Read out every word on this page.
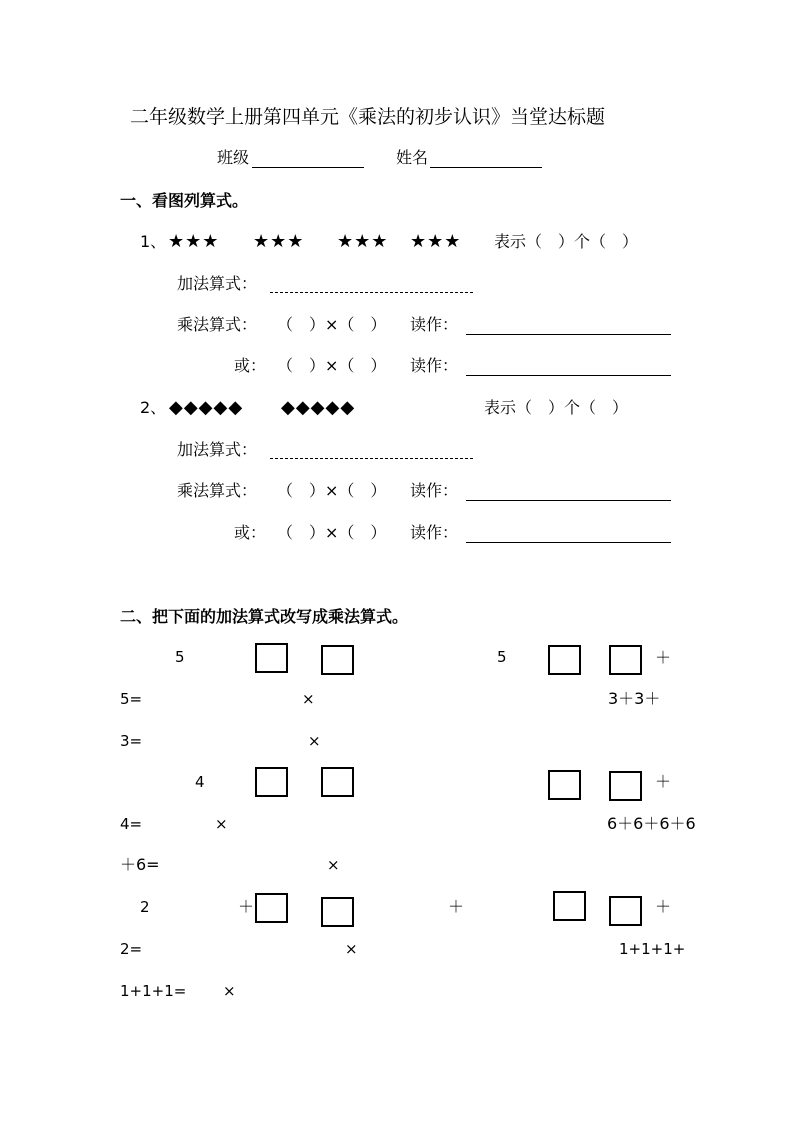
二年级数学上册第四单元《乘法的初步认识》当堂达标题
班级	姓名
一、看图列算式。
1、 ★★★ ★★★ ★★★ ★★★ 表示（　）个（　）
加法算式：
乘法算式： （　）×（　） 读作：
或： （　）×（　） 读作：
2、 ◆◆◆◆◆ ◆◆◆◆◆	表示（　）个（　）
加法算式：
乘法算式： （　）×（　） 读作：
或： （　）×（　） 读作：
二、把下面的加法算式改写成乘法算式。
5	5	＋
5=	×	3＋3＋
3=	×
4	＋
4=	×	6＋6＋6＋6
＋6=	×
2	＋	＋	＋
2=	×	1+1+1+
1+1+1= ×
